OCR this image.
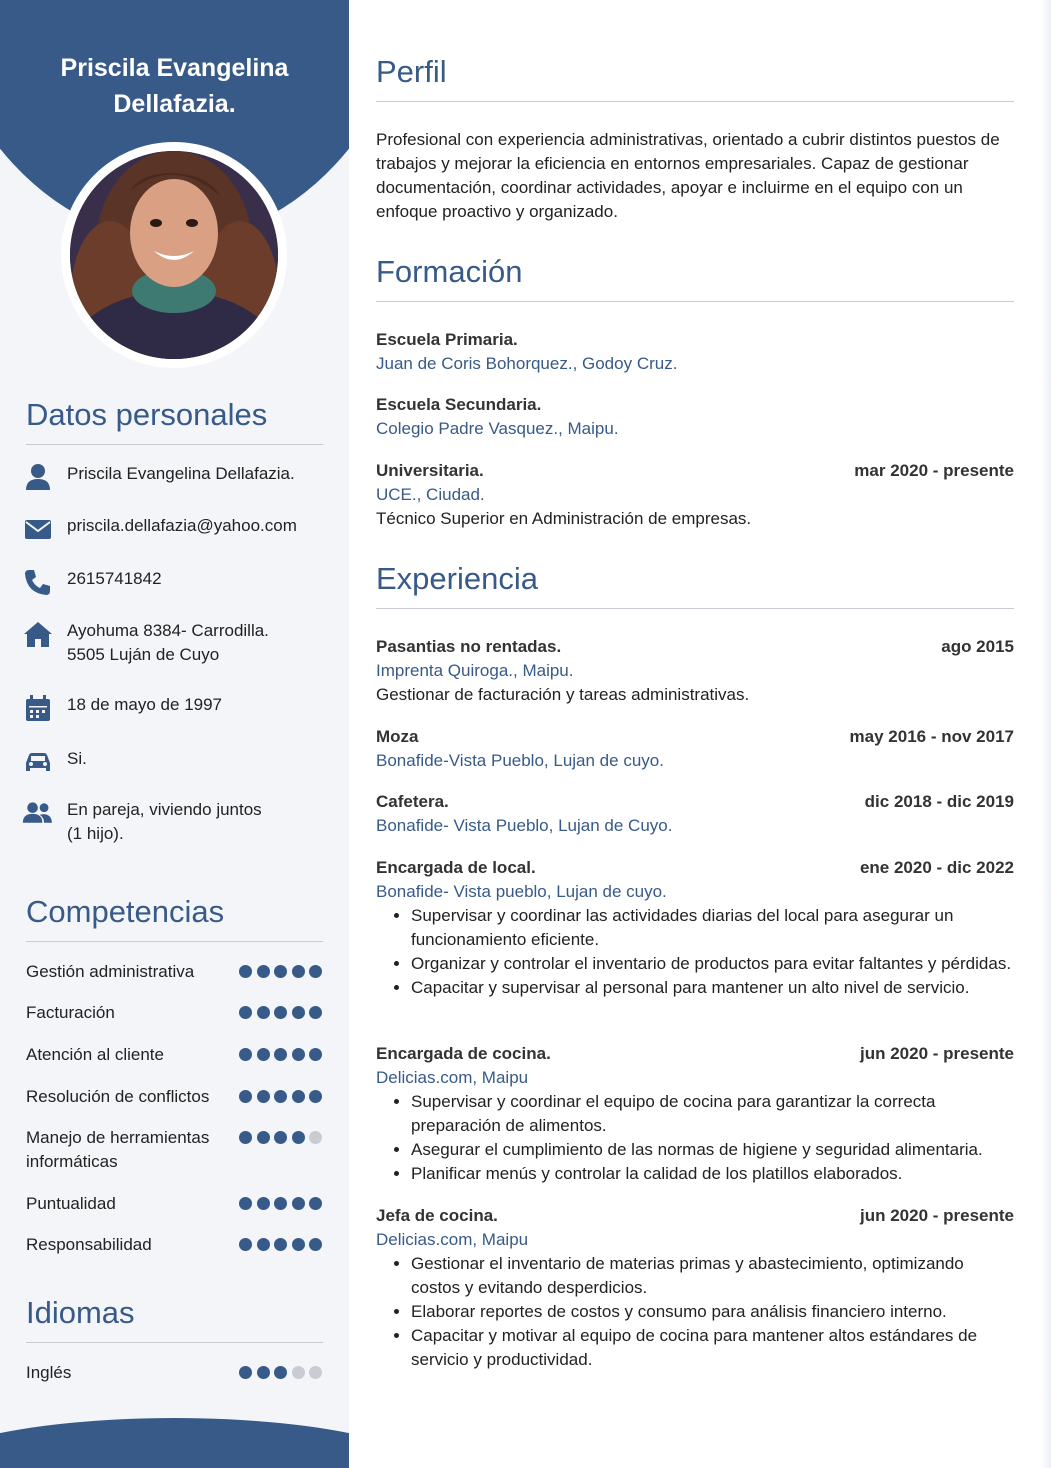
Priscila Evangelina
Dellafazia.
Datos personales
Priscila Evangelina Dellafazia.
priscila.dellafazia@yahoo.com
2615741842
Ayohuma 8384- Carrodilla.
5505 Luján de Cuyo
18 de mayo de 1997
Si.
En pareja, viviendo juntos
(1 hijo).
Competencias
Gestión administrativa
Facturación
Atención al cliente
Resolución de conflictos
Manejo de herramientas
informáticas
Puntualidad
Responsabilidad
Idiomas
Inglés
Perfil
Profesional con experiencia administrativas, orientado a cubrir distintos puestos de trabajos y mejorar la eficiencia en entornos empresariales. Capaz de gestionar documentación, coordinar actividades, apoyar e incluirme en el equipo con un enfoque proactivo y organizado.
Formación
Escuela Primaria.
Juan de Coris Bohorquez., Godoy Cruz.
Escuela Secundaria.
Colegio Padre Vasquez., Maipu.
Universitaria.	mar 2020 - presente
UCE., Ciudad.
Técnico Superior en Administración de empresas.
Experiencia
Pasantias no rentadas.	ago 2015
Imprenta Quiroga., Maipu.
Gestionar de facturación y tareas administrativas.
Moza	may 2016 - nov 2017
Bonafide-Vista Pueblo, Lujan de cuyo.
Cafetera.	dic 2018 - dic 2019
Bonafide- Vista Pueblo, Lujan de Cuyo.
Encargada de local.	ene 2020 - dic 2022
Bonafide- Vista pueblo, Lujan de cuyo.
• Supervisar y coordinar las actividades diarias del local para asegurar un funcionamiento eficiente.
• Organizar y controlar el inventario de productos para evitar faltantes y pérdidas.
• Capacitar y supervisar al personal para mantener un alto nivel de servicio.
Encargada de cocina.	jun 2020 - presente
Delicias.com, Maipu
• Supervisar y coordinar el equipo de cocina para garantizar la correcta preparación de alimentos.
• Asegurar el cumplimiento de las normas de higiene y seguridad alimentaria.
• Planificar menús y controlar la calidad de los platillos elaborados.
Jefa de cocina.	jun 2020 - presente
Delicias.com, Maipu
• Gestionar el inventario de materias primas y abastecimiento, optimizando costos y evitando desperdicios.
• Elaborar reportes de costos y consumo para análisis financiero interno.
• Capacitar y motivar al equipo de cocina para mantener altos estándares de servicio y productividad.
